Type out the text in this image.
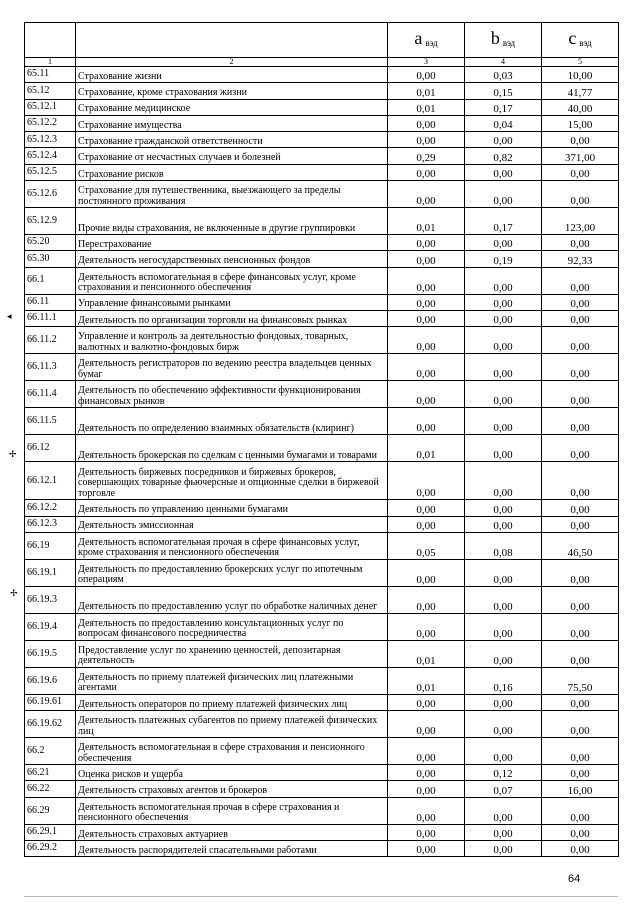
		a $_{вэд}$	b $_{вэд}$	c $_{вэд}$
1	2	3	4	5
65.11	Страхование жизни	0,00	0,03	10,00
65.12	Страхование, кроме страхования жизни	0,01	0,15	41,77
65.12.1	Страхование медицинское	0,01	0,17	40,00
65.12.2	Страхование имущества	0,00	0,04	15,00
65.12.3	Страхование гражданской ответственности	0,00	0,00	0,00
65.12.4	Страхование от несчастных случаев и болезней	0,29	0,82	371,00
65.12.5	Страхование рисков	0,00	0,00	0,00
65.12.6	Страхование для путешественника, выезжающего за пределы постоянного проживания	0,00	0,00	0,00
65.12.9	Прочие виды страхования, не включенные в другие группировки	0,01	0,17	123,00
65.20	Перестрахование	0,00	0,00	0,00
65.30	Деятельность негосударственных пенсионных фондов	0,00	0,19	92,33
66.1	Деятельность вспомогательная в сфере финансовых услуг, кроме страхования и пенсионного обеспечения	0,00	0,00	0,00
66.11	Управление финансовыми рынками	0,00	0,00	0,00
66.11.1	Деятельность по организации торговли на финансовых рынках	0,00	0,00	0,00
66.11.2	Управление и контроль за деятельностью фондовых, товарных, валютных и валютно-фондовых бирж	0,00	0,00	0,00
66.11.3	Деятельность регистраторов по ведению реестра владельцев ценных бумаг	0,00	0,00	0,00
66.11.4	Деятельность по обеспечению эффективности функционирования финансовых рынков	0,00	0,00	0,00
66.11.5	Деятельность по определению взаимных обязательств (клиринг)	0,00	0,00	0,00
66.12	Деятельность брокерская по сделкам с ценными бумагами и товарами	0,01	0,00	0,00
66.12.1	Деятельность биржевых посредников и биржевых брокеров, совершающих товарные фьючерсные и опционные сделки в биржевой торговле	0,00	0,00	0,00
66.12.2	Деятельность по управлению ценными бумагами	0,00	0,00	0,00
66.12.3	Деятельность эмиссионная	0,00	0,00	0,00
66.19	Деятельность вспомогательная прочая в сфере финансовых услуг, кроме страхования и пенсионного обеспечения	0,05	0,08	46,50
66.19.1	Деятельность по предоставлению брокерских услуг по ипотечным операциям	0,00	0,00	0,00
66.19.3	Деятельность по предоставлению услуг по обработке наличных денег	0,00	0,00	0,00
66.19.4	Деятельность по предоставлению консультационных услуг по вопросам финансового посредничества	0,00	0,00	0,00
66.19.5	Предоставление услуг по хранению ценностей, депозитарная деятельность	0,01	0,00	0,00
66.19.6	Деятельность по приему платежей физических лиц платежными агентами	0,01	0,16	75,50
66.19.61	Деятельность операторов по приему платежей физических лиц	0,00	0,00	0,00
66.19.62	Деятельность платежных субагентов по приему платежей физических лиц	0,00	0,00	0,00
66.2	Деятельность вспомогательная в сфере страхования и пенсионного обеспечения	0,00	0,00	0,00
66.21	Оценка рисков и ущерба	0,00	0,12	0,00
66.22	Деятельность страховых агентов и брокеров	0,00	0,07	16,00
66.29	Деятельность вспомогательная прочая в сфере страхования и пенсионного обеспечения	0,00	0,00	0,00
66.29.1	Деятельность страховых актуариев	0,00	0,00	0,00
66.29.2	Деятельность распорядителей спасательными работами	0,00	0,00	0,00
◂
✢
✢
64
